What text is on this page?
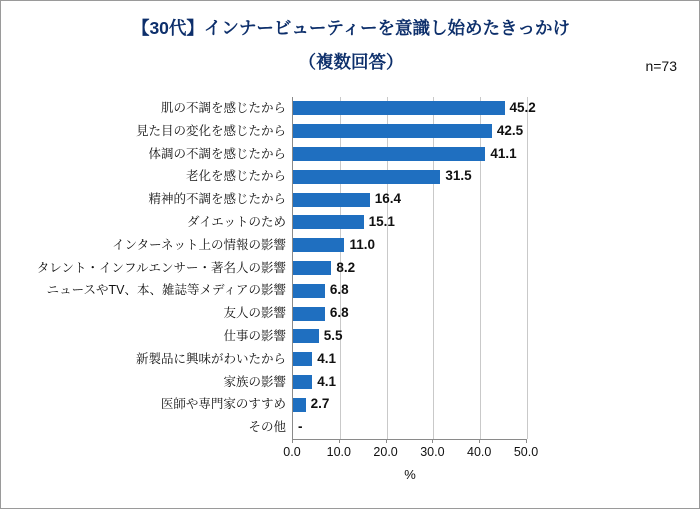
【30代】インナービューティーを意識し始めたきっかけ
（複数回答）	n=73
0.0 10.0 20.0 30.0 40.0 50.0
肌の不調を感じたから	45.2
見た目の変化を感じたから	42.5
体調の不調を感じたから	41.1
老化を感じたから	31.5
精神的不調を感じたから	16.4
ダイエットのため	15.1
インターネット上の情報の影響	11.0
タレント・インフルエンサー・著名人の影響	8.2
ニュースやTV、本、雑誌等メディアの影響	6.8
友人の影響	6.8
仕事の影響	5.5
新製品に興味がわいたから 4.1
家族の影響 4.1
医師や専門家のすすめ 2.7
その他 -
%
